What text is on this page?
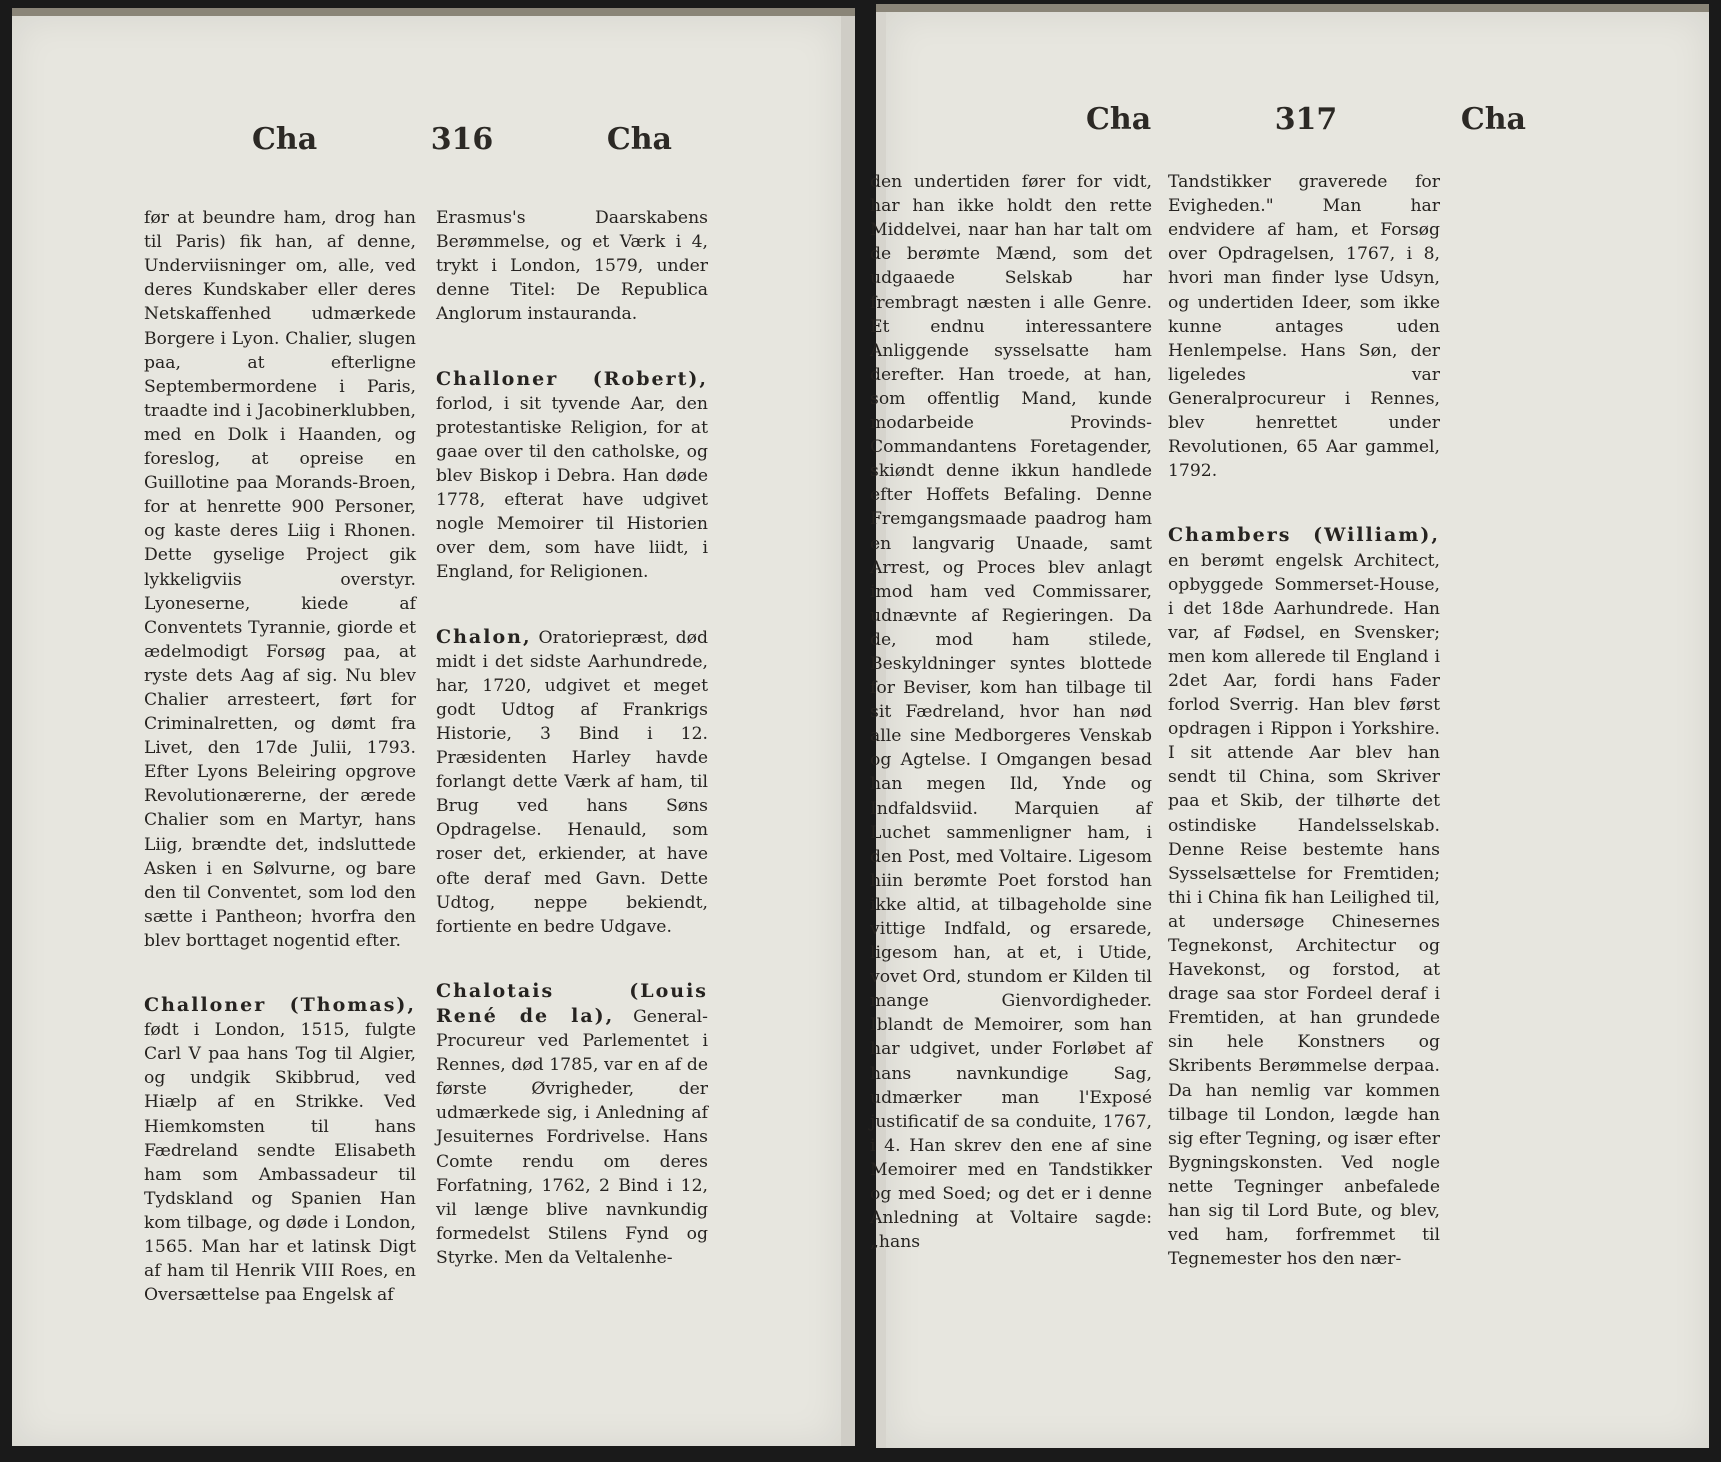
Cha	316	Cha

før at beundre ham, drog han til Paris) fik han, af denne, Underviisninger om, alle, ved deres Kundskaber eller deres Netskaffenhed udmærkede Borgere i Lyon. Chalier, slugen paa, at efterligne Septembermordene i Paris, traadte ind i Jacobinerklubben, med en Dolk i Haanden, og foreslog, at opreise en Guillotine paa Morands-Broen, for at henrette 900 Personer, og kaste deres Liig i Rhonen. Dette gyselige Project gik lykkeligviis overstyr. Lyoneserne, kiede af Conventets Tyrannie, giorde et ædelmodigt Forsøg paa, at ryste dets Aag af sig. Nu blev Chalier arresteert, ført for Criminalretten, og dømt fra Livet, den 17de Julii, 1793. Efter Lyons Beleiring opgrove Revolutionærerne, der ærede Chalier som en Martyr, hans Liig, brændte det, indsluttede Asken i en Sølvurne, og bare den til Conventet, som lod den sætte i Pantheon; hvorfra den blev borttaget nogentid efter.

Challoner (Thomas), født i London, 1515, fulgte Carl V paa hans Tog til Algier, og undgik Skibbrud, ved Hiælp af en Strikke. Ved Hiemkomsten til hans Fædreland sendte Elisabeth ham som Ambassadeur til Tydskland og Spanien Han kom tilbage, og døde i London, 1565. Man har et latinsk Digt af ham til Henrik VIII Roes, en Oversættelse paa Engelsk af

Erasmus's Daarskabens Berømmelse, og et Værk i 4, trykt i London, 1579, under denne Titel: De Republica Anglorum instauranda.

Challoner (Robert), forlod, i sit tyvende Aar, den protestantiske Religion, for at gaae over til den catholske, og blev Biskop i Debra. Han døde 1778, efterat have udgivet nogle Memoirer til Historien over dem, som have liidt, i England, for Religionen.

Chalon, Oratoriepræst, død midt i det sidste Aarhundrede, har, 1720, udgivet et meget godt Udtog af Frankrigs Historie, 3 Bind i 12. Præsidenten Harley havde forlangt dette Værk af ham, til Brug ved hans Søns Opdragelse. Henauld, som roser det, erkiender, at have ofte deraf med Gavn. Dette Udtog, neppe bekiendt, fortiente en bedre Udgave.

Chalotais (Louis René de la), General-Procureur ved Parlementet i Rennes, død 1785, var en af de første Øvrigheder, der udmærkede sig, i Anledning af Jesuiternes Fordrivelse. Hans Comte rendu om deres Forfatning, 1762, 2 Bind i 12, vil længe blive navnkundig formedelst Stilens Fynd og Styrke. Men da Veltalenhe-

Cha	317	Cha

den undertiden fører for vidt, har han ikke holdt den rette Middelvei, naar han har talt om de berømte Mænd, som det udgaaede Selskab har frembragt næsten i alle Genre. Et endnu interessantere Anliggende sysselsatte ham derefter. Han troede, at han, som offentlig Mand, kunde modarbeide Provinds-Commandantens Foretagender, skiøndt denne ikkun handlede efter Hoffets Befaling. Denne Fremgangsmaade paadrog ham en langvarig Unaade, samt Arrest, og Proces blev anlagt imod ham ved Commissarer, udnævnte af Regieringen. Da de, mod ham stilede, Beskyldninger syntes blottede for Beviser, kom han tilbage til sit Fædreland, hvor han nød alle sine Medborgeres Venskab og Agtelse. I Omgangen besad han megen Ild, Ynde og Indfaldsviid. Marquien af Luchet sammenligner ham, i den Post, med Voltaire. Ligesom hiin berømte Poet forstod han ikke altid, at tilbageholde sine vittige Indfald, og ersarede, ligesom han, at et, i Utide, vovet Ord, stundom er Kilden til mange Gienvordigheder. Iblandt de Memoirer, som han har udgivet, under Forløbet af hans navnkundige Sag, udmærker man l'Exposé justificatif de sa conduite, 1767, i 4. Han skrev den ene af sine Memoirer med en Tandstikker og med Soed; og det er i denne Anledning at Voltaire sagde: „hans

Tandstikker graverede for Evigheden." Man har endvidere af ham, et Forsøg over Opdragelsen, 1767, i 8, hvori man finder lyse Udsyn, og undertiden Ideer, som ikke kunne antages uden Henlempelse. Hans Søn, der ligeledes var Generalprocureur i Rennes, blev henrettet under Revolutionen, 65 Aar gammel, 1792.

Chambers (William), en berømt engelsk Architect, opbyggede Sommerset-House, i det 18de Aarhundrede. Han var, af Fødsel, en Svensker; men kom allerede til England i 2det Aar, fordi hans Fader forlod Sverrig. Han blev først opdragen i Rippon i Yorkshire. I sit attende Aar blev han sendt til China, som Skriver paa et Skib, der tilhørte det ostindiske Handelsselskab. Denne Reise bestemte hans Sysselsættelse for Fremtiden; thi i China fik han Leilighed til, at undersøge Chinesernes Tegnekonst, Architectur og Havekonst, og forstod, at drage saa stor Fordeel deraf i Fremtiden, at han grundede sin hele Konstners og Skribents Berømmelse derpaa. Da han nemlig var kommen tilbage til London, lægde han sig efter Tegning, og især efter Bygningskonsten. Ved nogle nette Tegninger anbefalede han sig til Lord Bute, og blev, ved ham, forfremmet til Tegnemester hos den nær-
